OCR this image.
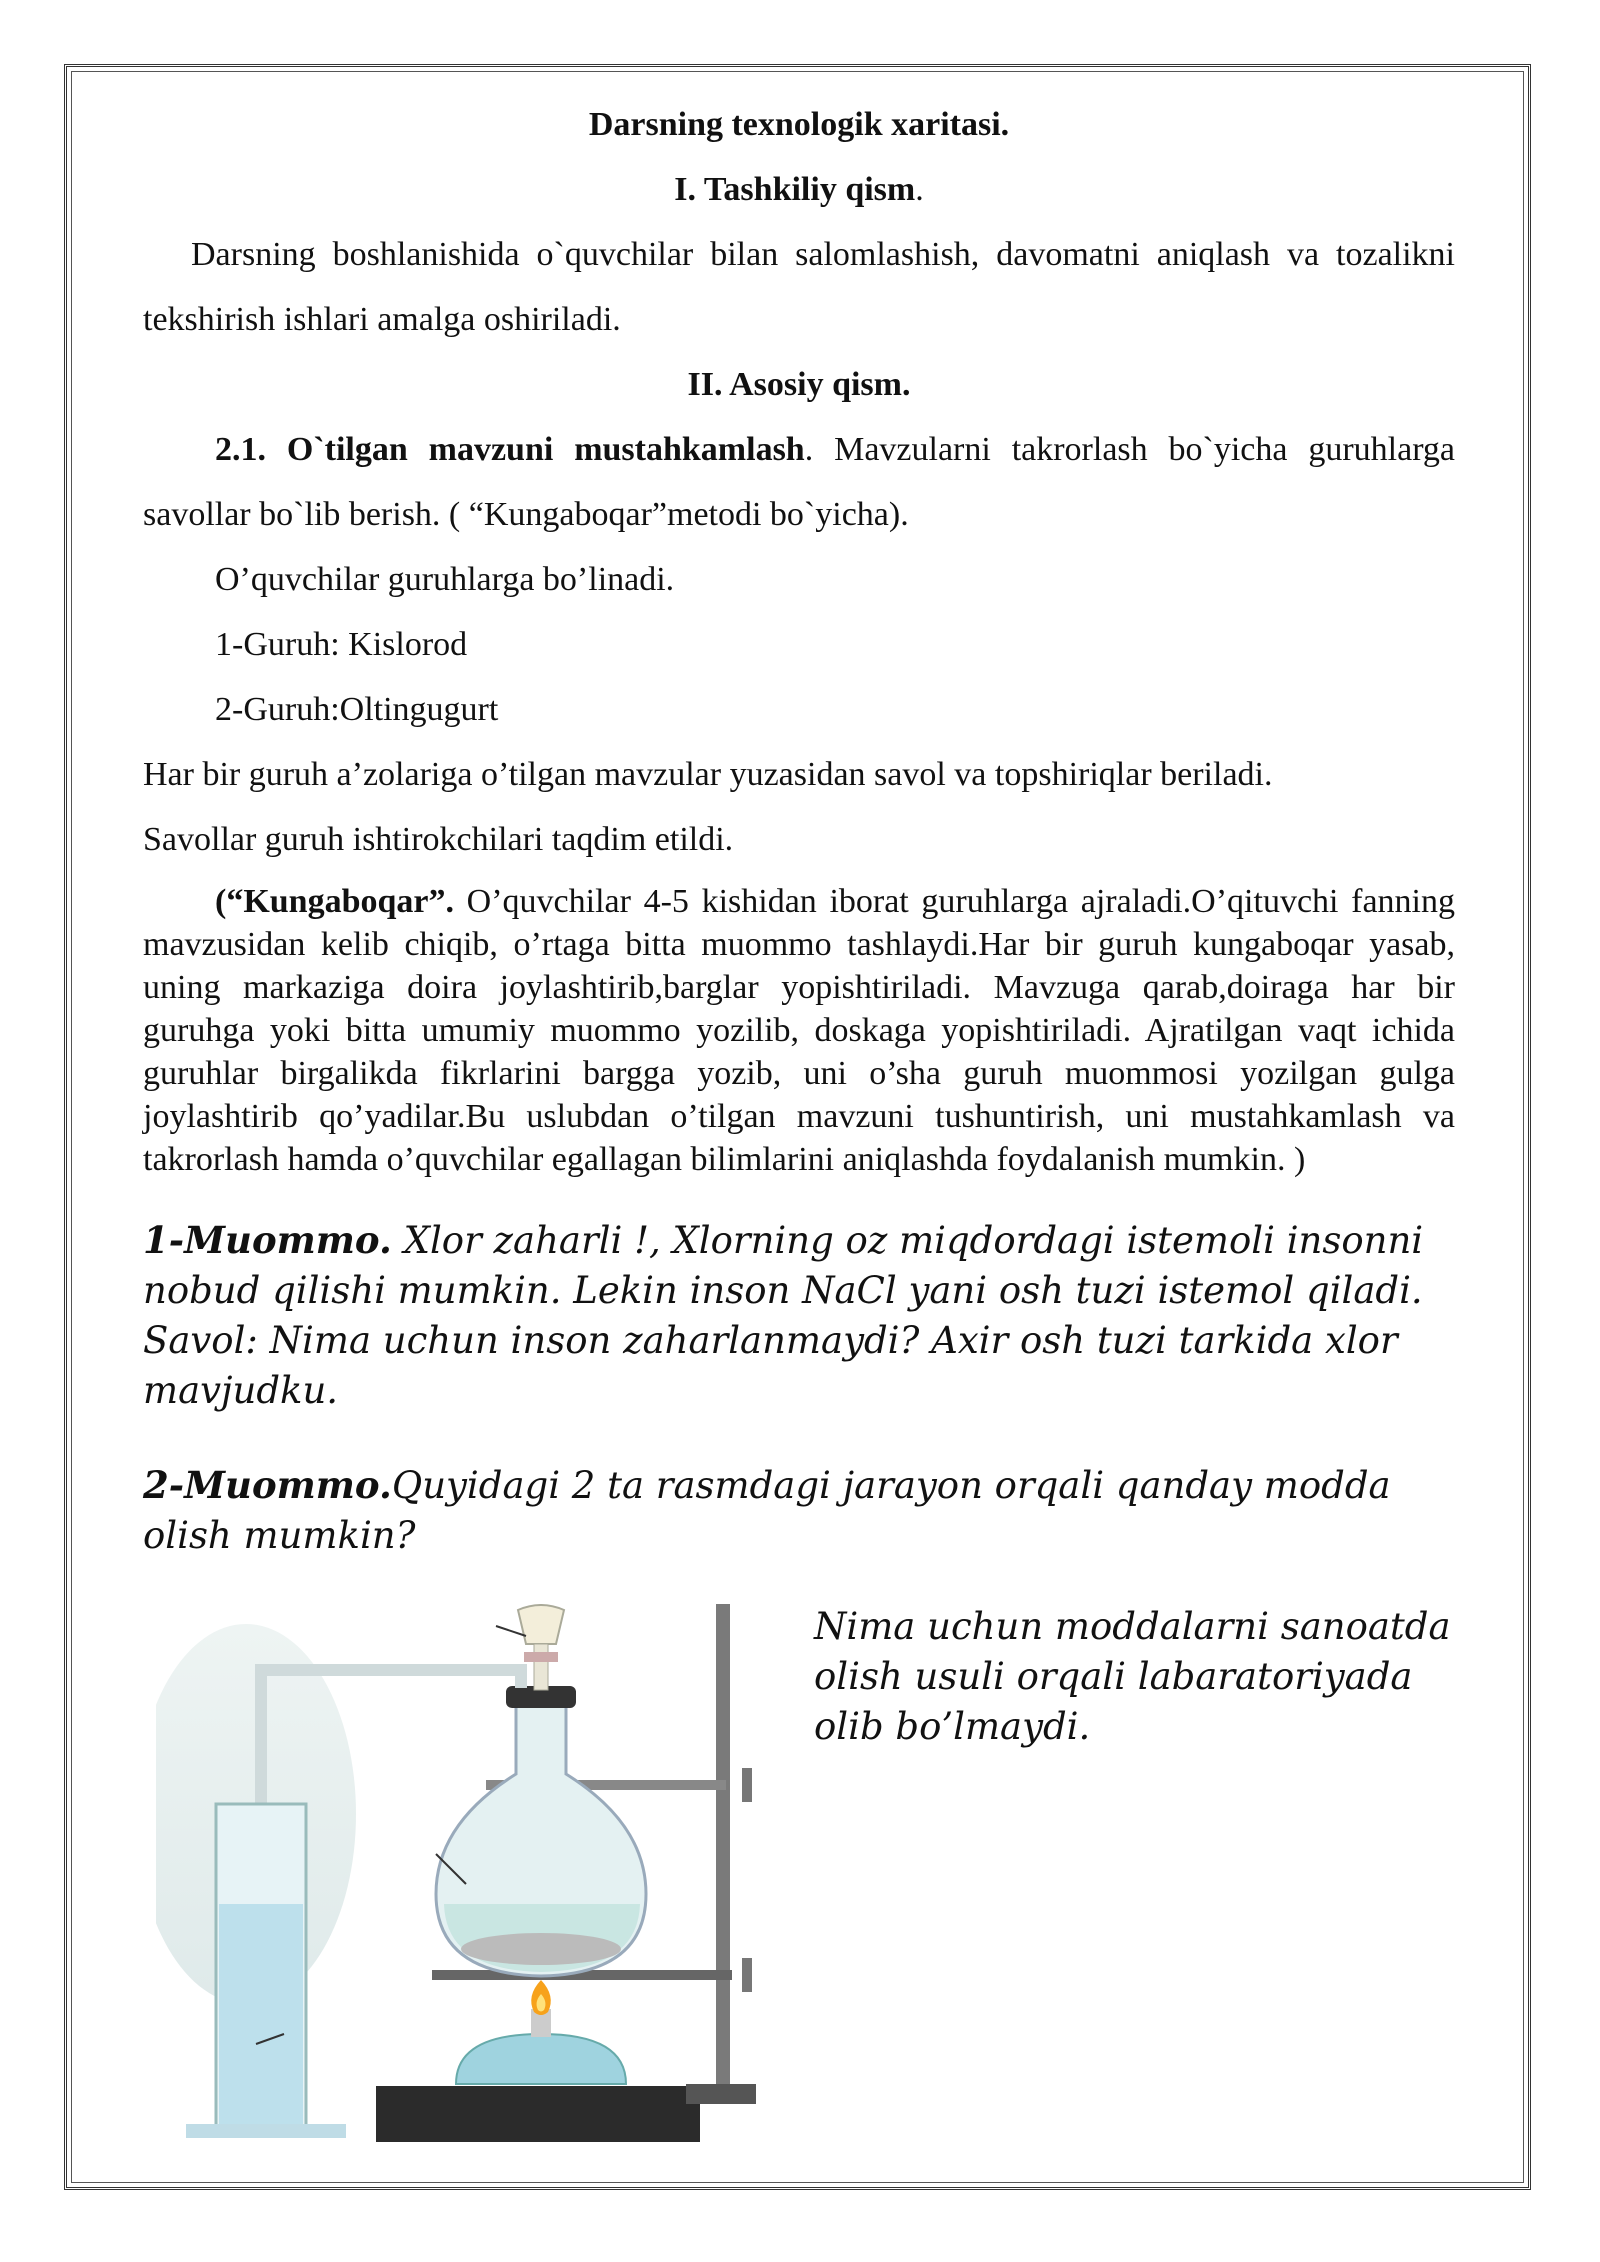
Darsning texnologik xaritasi.

I. Tashkiliy qism.

Darsning boshlanishida o`quvchilar bilan salomlashish, davomatni aniqlash va tozalikni tekshirish ishlari amalga oshiriladi.

II. Asosiy qism.

2.1. O`tilgan mavzuni mustahkamlash. Mavzularni takrorlash bo`yicha guruhlarga savollar bo`lib berish. ( “Kungaboqar”metodi bo`yicha).

O’quvchilar guruhlarga bo’linadi.

1-Guruh: Kislorod

2-Guruh:Oltingugurt

Har bir guruh a’zolariga o’tilgan mavzular yuzasidan savol va topshiriqlar beriladi.

Savollar guruh ishtirokchilari taqdim etildi.

(“Kungaboqar”. O’quvchilar 4-5 kishidan iborat guruhlarga ajraladi.O’qituvchi fanning mavzusidan kelib chiqib, o’rtaga bitta muommo tashlaydi.Har bir guruh kungaboqar yasab, uning markaziga doira joylashtirib,barglar yopishtiriladi. Mavzuga qarab,doiraga har bir guruhga yoki bitta umumiy muommo yozilib, doskaga yopishtiriladi. Ajratilgan vaqt ichida guruhlar birgalikda fikrlarini bargga yozib, uni o’sha guruh muommosi yozilgan gulga joylashtirib qo’yadilar.Bu uslubdan o’tilgan mavzuni tushuntirish, uni mustahkamlash va takrorlash hamda o’quvchilar egallagan bilimlarini aniqlashda foydalanish mumkin. )

1-Muommo. Xlor zaharli !, Xlorning oz miqdordagi istemoli insonni nobud qilishi mumkin. Lekin inson NaCl yani osh tuzi istemol qiladi.

Savol: Nima uchun inson zaharlanmaydi? Axir osh tuzi tarkida xlor mavjudku.

2-Muommo.Quyidagi 2 ta rasmdagi jarayon orqali qanday modda olish mumkin?

Nima uchun moddalarni sanoatda olish usuli orqali labaratoriyada olib bo’lmaydi.
